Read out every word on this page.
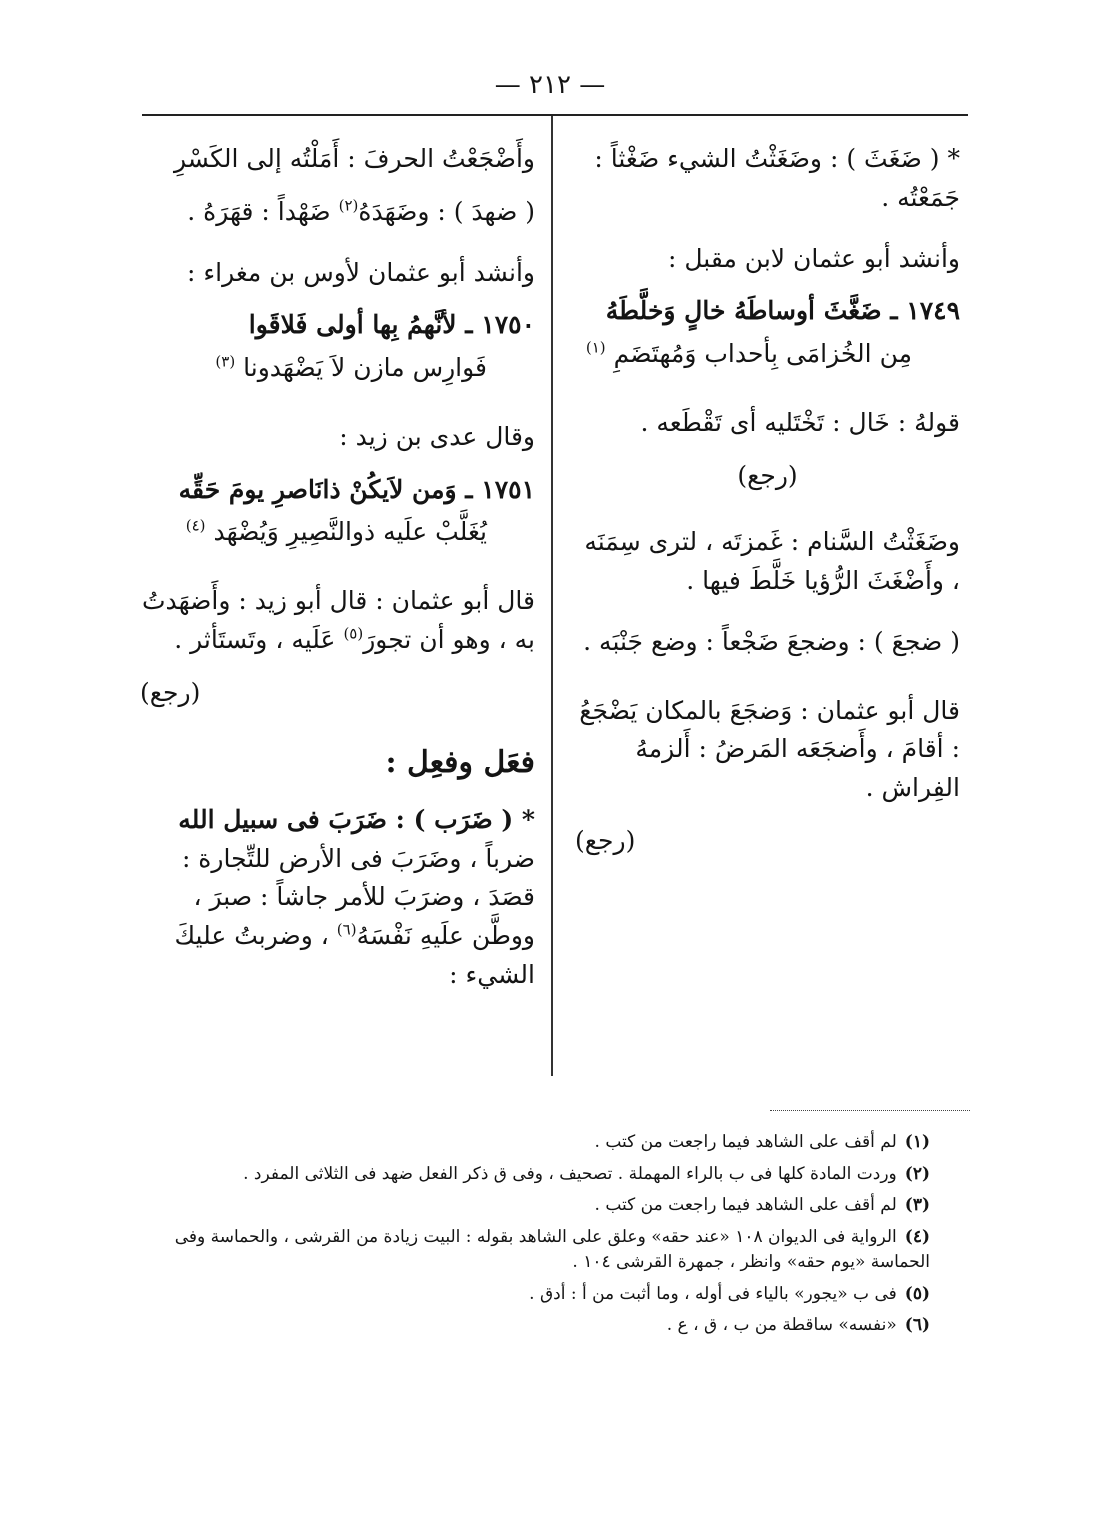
— ٢١٢ —

* ( ضَغَثَ ) : وضَغَثْتُ الشيء ضَغْثاً : جَمَعْتُه .

وأنشد أبو عثمان لابن مقبل :

١٧٤٩ ـ ضَغَّثَ أوساطَهُ خالٍ وَخلَّطَهُ

مِن الخُزامَى بِأحداب وَمُهتَضَمِ $^{(١)}$

قولهُ : خَال : تَخْتَليه أى تَقْطَعه .

(رجع)

وضَغَثْتُ السَّنام : غَمزتَه ، لترى سِمَنَه ، وأَضْغَثَ الرُّؤيا خَلَّطَ فيها .

( ضجعَ ) : وضجعَ ضَجْعاً : وضع جَنْبَه .

قال أبو عثمان : وَضجَعَ بالمكان يَضْجَعُ : أقامَ ، وأَضجَعَه المَرضُ : أَلزمهُ الفِراش .

(رجع)

وأَضْجَعْتُ الحرفَ : أَمَلْتُه إلى الكَسْرِ

( ضهدَ ) : وضَهَدَهُ$^{(٢)}$ ضَهْداً : قهَرَهُ .

وأنشد أبو عثمان لأوس بن مغراء :

١٧٥٠ ـ لأنَّهمُ بِها أولى فَلاقَوا

فَوارِس مازن لاَ يَضْهَدونا $^{(٣)}$

وقال عدى بن زيد :

١٧٥١ ـ وَمن لاَيكُنْ ذانَاصرِ يومَ حَقِّه

يُغَلَّبْ علَيه ذوالنَّصِيرِ وَيُضْهَد $^{(٤)}$

قال أبو عثمان : قال أبو زيد : وأَضهَدتُ به ، وهو أن تجورَ$^{(٥)}$ عَلَيه ، وتَستَأثر .

(رجع)

فعَل وفعِل :

* ( ضَرَب ) : ضَرَبَ فى سبيل الله

ضرباً ، وضَرَبَ فى الأرض للتِّجارة : قصَدَ ، وضرَبَ للأمر جاشاً : صبرَ ، ووطَّن علَيهِ نَفْسَهُ$^{(٦)}$ ، وضربتُ عليكَ الشيء :

(١)لم أقف على الشاهد فيما راجعت من كتب .

(٢)وردت المادة كلها فى ب بالراء المهملة . تصحيف ، وفى ق ذكر الفعل ضهد فى الثلاثى المفرد .

(٣)لم أقف على الشاهد فيما راجعت من كتب .

(٤)الرواية فى الديوان ١٠٨ «عند حقه» وعلق على الشاهد بقوله : البيت زيادة من القرشى ، والحماسة وفى الحماسة «يوم حقه» وانظر ، جمهرة القرشى ١٠٤ .

(٥)فى ب «يجور» بالياء فى أوله ، وما أثبت من أ : أدق .

(٦)«نفسه» ساقطة من ب ، ق ، ع .
